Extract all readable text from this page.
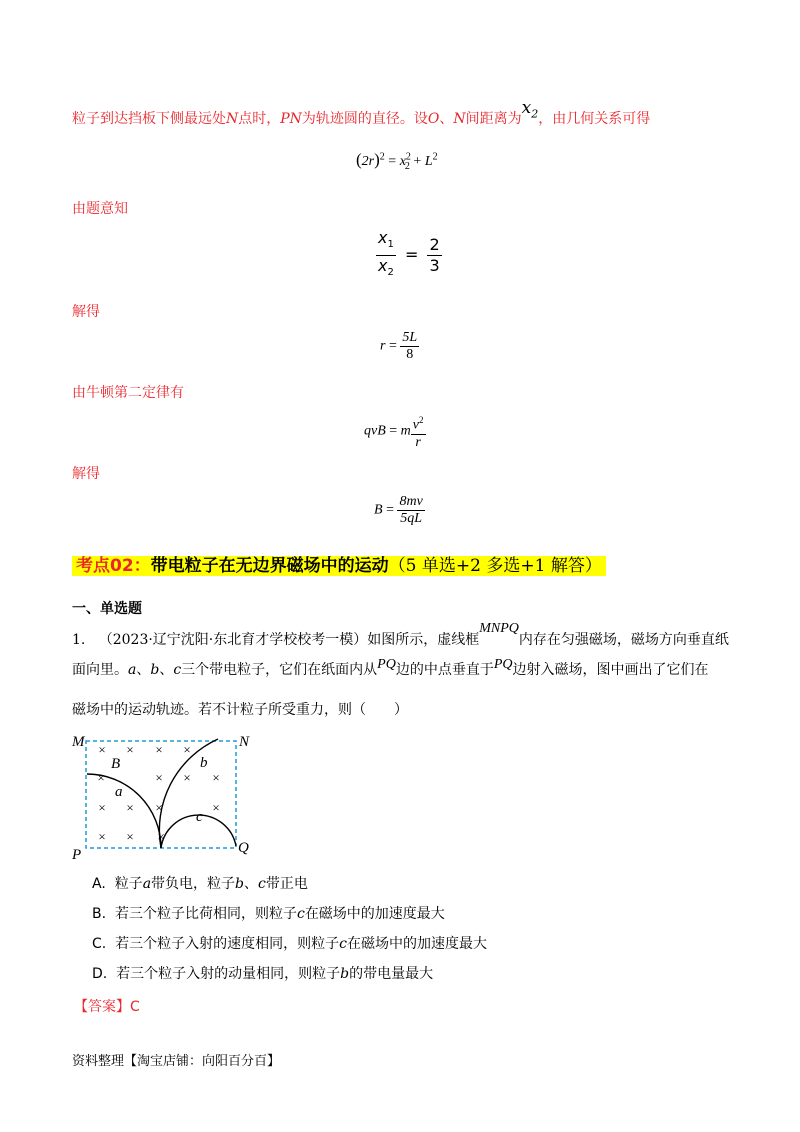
粒子到达挡板下侧最远处N点时，PN为轨迹圆的直径。设O、N间距离为$x_2$，由几何关系可得
$(2r)^2 = x^2_2 + L^2$
由题意知
$\frac{x_1}{x_2} = \frac{2}{3}$
解得
$r = \frac{5L}{8}$
由牛顿第二定律有
qvB = m $\frac{v^2}{r}$
解得
$B = \frac{8mv}{5qL}$
考点02：带电粒子在无边界磁场中的运动（5 单选+2 多选+1 解答）
一、单选题
1. （2023·辽宁沈阳·东北育才学校校考一模）如图所示，虚线框MNPQ内存在匀强磁场，磁场方向垂直纸
面向里。a、b、c三个带电粒子，它们在纸面内从PQ边的中点垂直于PQ边射入磁场，图中画出了它们在
磁场中的运动轨迹。若不计粒子所受重力，则（　　）
× × × ×
×	× × ×
×
×	×	×
× × ×
M	N
P	Q
B
a
b
c
A. 粒子a带负电，粒子b、c带正电
B. 若三个粒子比荷相同，则粒子c在磁场中的加速度最大
C. 若三个粒子入射的速度相同，则粒子c在磁场中的加速度最大
D. 若三个粒子入射的动量相同，则粒子b的带电量最大
【答案】C
资料整理【淘宝店铺：向阳百分百】
